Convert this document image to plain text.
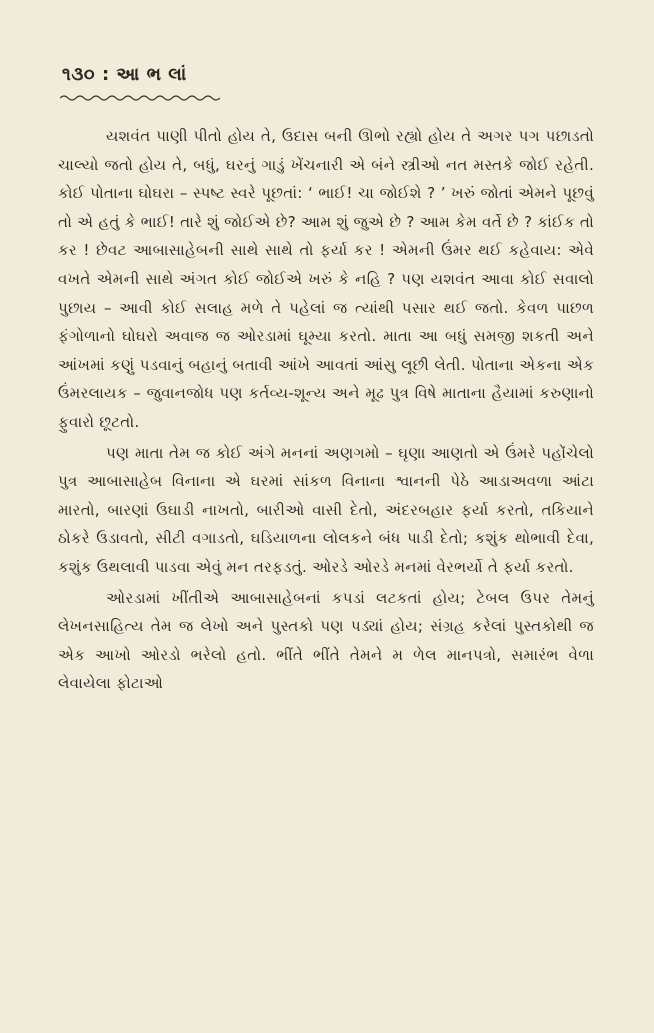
૧૩૦ : આ ભ લાં

યશવંત પાણી પીતો હોય તે, ઉદાસ બની ઊભો રહ્યો હોય તે અગર પગ પછાડતો ચાલ્યો જતો હોય તે, બધું, ઘરનું ગાડું ખેંચનારી એ બંને સ્ત્રીઓ નત મસ્તકે જોઈ રહેતી. કોઈ પોતાના ઘોઘરા – સ્પષ્ટ સ્વરે પૂછતાં: ‘ ભાઈ! ચા જોઈશે ? ’ ખરું જોતાં એમને પૂછવું તો એ હતું કે ભાઈ! તારે શું જોઈએ છે? આમ શું જુએ છે ? આમ કેમ વર્તે છે ? કાંઈક તો કર ! છેવટ આબાસાહેબની સાથે સાથે તો ફર્યા કર ! એમની ઉંમર થઈ કહેવાય: એવે વખતે એમની સાથે અંગત કોઈ જોઈએ ખરું કે નહિ ? પણ યશવંત આવા કોઈ સવાલો પુછાય – આવી કોઈ સલાહ મળે તે પહેલાં જ ત્યાંથી પસાર થઈ જતો. કેવળ પાછળ ફંગોળાનો ઘોઘરો અવાજ જ ઓરડામાં ઘૂમ્યા કરતો. માતા આ બધું સમજી શકતી અને આંખમાં કણું પડવાનું બહાનું બતાવી આંખે આવતાં આંસુ લૂછી લેતી. પોતાના એકના એક ઉંમરલાયક – જુવાનજોધ પણ કર્તવ્ય-શૂન્ય અને મૂઢ પુત્ર વિષે માતાના હૈયામાં કરુણાનો ફુવારો છૂટતો.

પણ માતા તેમ જ કોઈ અંગે મનનાં અણગમો – ઘૃણા આણતો એ ઉંમરે પહોંચેલો પુત્ર આબાસાહેબ વિનાના એ ઘરમાં સાંકળ વિનાના શ્વાનની પેઠે આડાઅવળા આંટા મારતો, બારણાં ઉઘાડી નાખતો, બારીઓ વાસી દેતો, અંદરબહાર ફર્યા કરતો, તકિયાને ઠોકરે ઉડાવતો, સીટી વગાડતો, ઘડિયાળના લોલકને બંધ પાડી દેતો; કશુંક થોભાવી દેવા, કશુંક ઉથલાવી પાડવા એવું મન તરફડતું. ઓરડે ઓરડે મનમાં વેરભર્યો તે ફર્યા કરતો.

ઓરડામાં ખીંતીએ આબાસાહેબનાં કપડાં લટકતાં હોય; ટેબલ ઉપર તેમનું લેખનસાહિત્ય તેમ જ લેખો અને પુસ્તકો પણ પડ્યાં હોય; સંગ્રહ કરેલાં પુસ્તકોથી જ એક આખો ઓરડો ભરેલો હતો. ભીંતે ભીંતે તેમને મ ળેલ માનપત્રો, સમારંભ વેળા લેવાયેલા ફોટાઓ
